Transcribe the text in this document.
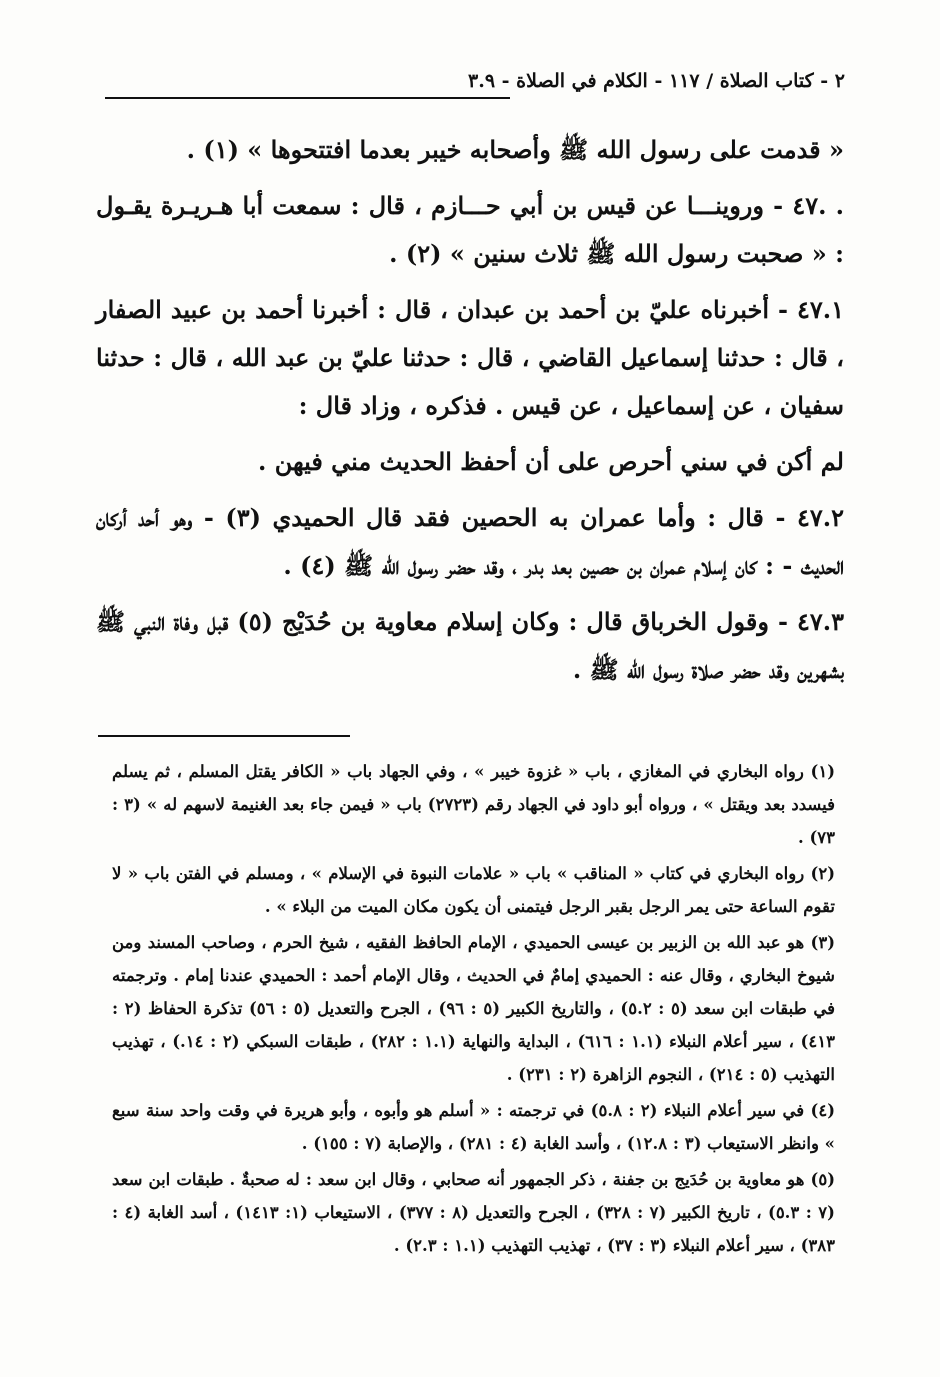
٢ - كتاب الصلاة / ١١٧ - الكلام في الصلاة - ٣.٩

« قدمت على رسول الله ﷺ وأصحابه خيبر بعدما افتتحوها » (١) .

. .٤٧ - وروينـــا عن قيس بن أبي حـــازم ، قال : سمعت أبا هـريـرة يقـول : « صحبت رسول الله ﷺ ثلاث سنين » (٢) .

٤٧.١ - أخبرناه عليّ بن أحمد بن عبدان ، قال : أخبرنا أحمد بن عبيد الصفار ، قال : حدثنا إسماعيل القاضي ، قال : حدثنا عليّ بن عبد الله ، قال : حدثنا سفيان ، عن إسماعيل ، عن قيس . فذكره ، وزاد قال :

لم أكن في سني أحرص على أن أحفظ الحديث مني فيهن .

٤٧.٢ - قال : وأما عمران به الحصين فقد قال الحميدي (٣) - وهو أحد أركان الحديث - : كان إسلام عمران بن حصين بعد بدر ، وقد حضر رسول الله ﷺ (٤) .

٤٧.٣ - وقول الخرباق قال : وكان إسلام معاوية بن حُدَيْج (٥) قبل وفاة النبي ﷺ بشهرين وقد حضر صلاة رسول الله ﷺ .

(١) رواه البخاري في المغازي ، باب « غزوة خيبر » ، وفي الجهاد باب « الكافر يقتل المسلم ، ثم يسلم فيسدد بعد ويقتل » ، ورواه أبو داود في الجهاد رقم (٢٧٢٣) باب « فيمن جاء بعد الغنيمة لاسهم له » (٣ : ٧٣) .

(٢) رواه البخاري في كتاب « المناقب » باب « علامات النبوة في الإسلام » ، ومسلم في الفتن باب « لا تقوم الساعة حتى يمر الرجل بقبر الرجل فيتمنى أن يكون مكان الميت من البلاء » .

(٣) هو عبد الله بن الزبير بن عيسى الحميدي ، الإمام الحافظ الفقيه ، شيخ الحرم ، وصاحب المسند ومن شيوخ البخاري ، وقال عنه : الحميدي إمامٌ في الحديث ، وقال الإمام أحمد : الحميدي عندنا إمام . وترجمته في طبقات ابن سعد (٥ : ٥.٢) ، والتاريخ الكبير (٥ : ٩٦) ، الجرح والتعديل (٥ : ٥٦) تذكرة الحفاظ (٢ : ٤١٣) ، سير أعلام النبلاء (١.١ : ٦١٦) ، البداية والنهاية (١.١ : ٢٨٢) ، طبقات السبكي (٢ : ١٤.) ، تهذيب التهذيب (٥ : ٢١٤) ، النجوم الزاهرة (٢ : ٢٣١) .

(٤) في سير أعلام النبلاء (٢ : ٥.٨) في ترجمته : « أسلم هو وأبوه ، وأبو هريرة في وقت واحد سنة سبع » وانظر الاستيعاب (٣ : ١٢.٨) ، وأسد الغابة (٤ : ٢٨١) ، والإصابة (٧ : ١٥٥) .

(٥) هو معاوية بن حُدَيج بن جفنة ، ذكر الجمهور أنه صحابي ، وقال ابن سعد : له صحبةٌ . طبقات ابن سعد (٧ : ٥.٣) ، تاريخ الكبير (٧ : ٣٢٨) ، الجرح والتعديل (٨ : ٣٧٧) ، الاستيعاب (١: ١٤١٣) ، أسد الغابة (٤ : ٣٨٣) ، سير أعلام النبلاء (٣ : ٣٧) ، تهذيب التهذيب (١.١ : ٢.٣) .
